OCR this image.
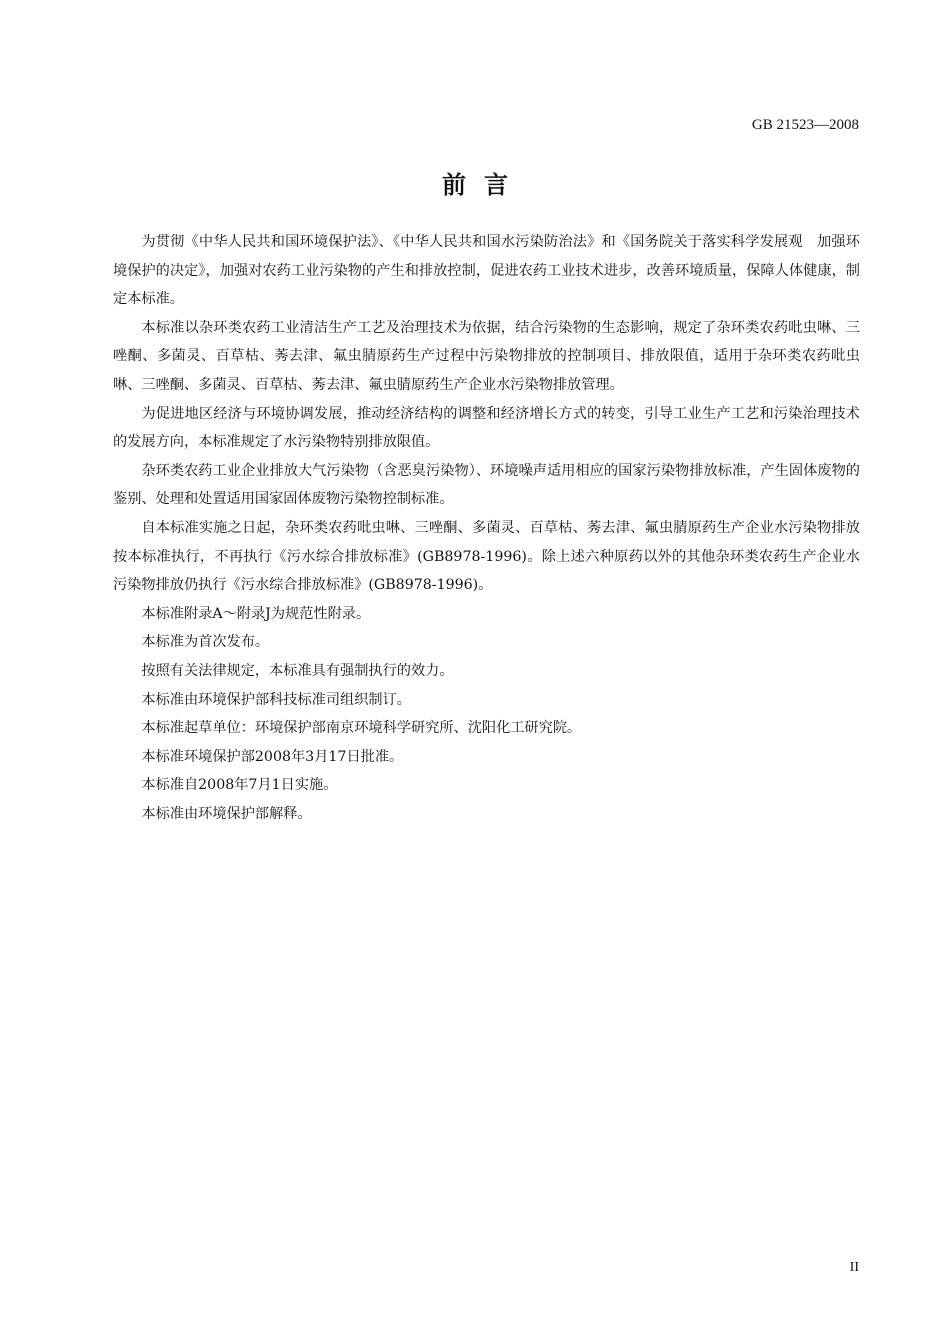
GB 21523—2008
前言

为贯彻《中华人民共和国环境保护法》、《中华人民共和国水污染防治法》和《国务院关于落实科学发展观　加强环境保护的决定》，加强对农药工业污染物的产生和排放控制，促进农药工业技术进步，改善环境质量，保障人体健康，制定本标准。

本标准以杂环类农药工业清洁生产工艺及治理技术为依据，结合污染物的生态影响，规定了杂环类农药吡虫啉、三唑酮、多菌灵、百草枯、莠去津、氟虫腈原药生产过程中污染物排放的控制项目、排放限值，适用于杂环类农药吡虫啉、三唑酮、多菌灵、百草枯、莠去津、氟虫腈原药生产企业水污染物排放管理。

为促进地区经济与环境协调发展，推动经济结构的调整和经济增长方式的转变，引导工业生产工艺和污染治理技术的发展方向，本标准规定了水污染物特别排放限值。

杂环类农药工业企业排放大气污染物（含恶臭污染物）、环境噪声适用相应的国家污染物排放标准，产生固体废物的鉴别、处理和处置适用国家固体废物污染物控制标准。

自本标准实施之日起，杂环类农药吡虫啉、三唑酮、多菌灵、百草枯、莠去津、氟虫腈原药生产企业水污染物排放按本标准执行，不再执行《污水综合排放标准》(GB8978-1996)。除上述六种原药以外的其他杂环类农药生产企业水污染物排放仍执行《污水综合排放标准》(GB8978-1996)。

本标准附录A～附录J为规范性附录。

本标准为首次发布。

按照有关法律规定，本标准具有强制执行的效力。

本标准由环境保护部科技标准司组织制订。

本标准起草单位：环境保护部南京环境科学研究所、沈阳化工研究院。

本标准环境保护部2008年3月17日批准。

本标准自2008年7月1日实施。

本标准由环境保护部解释。

II
